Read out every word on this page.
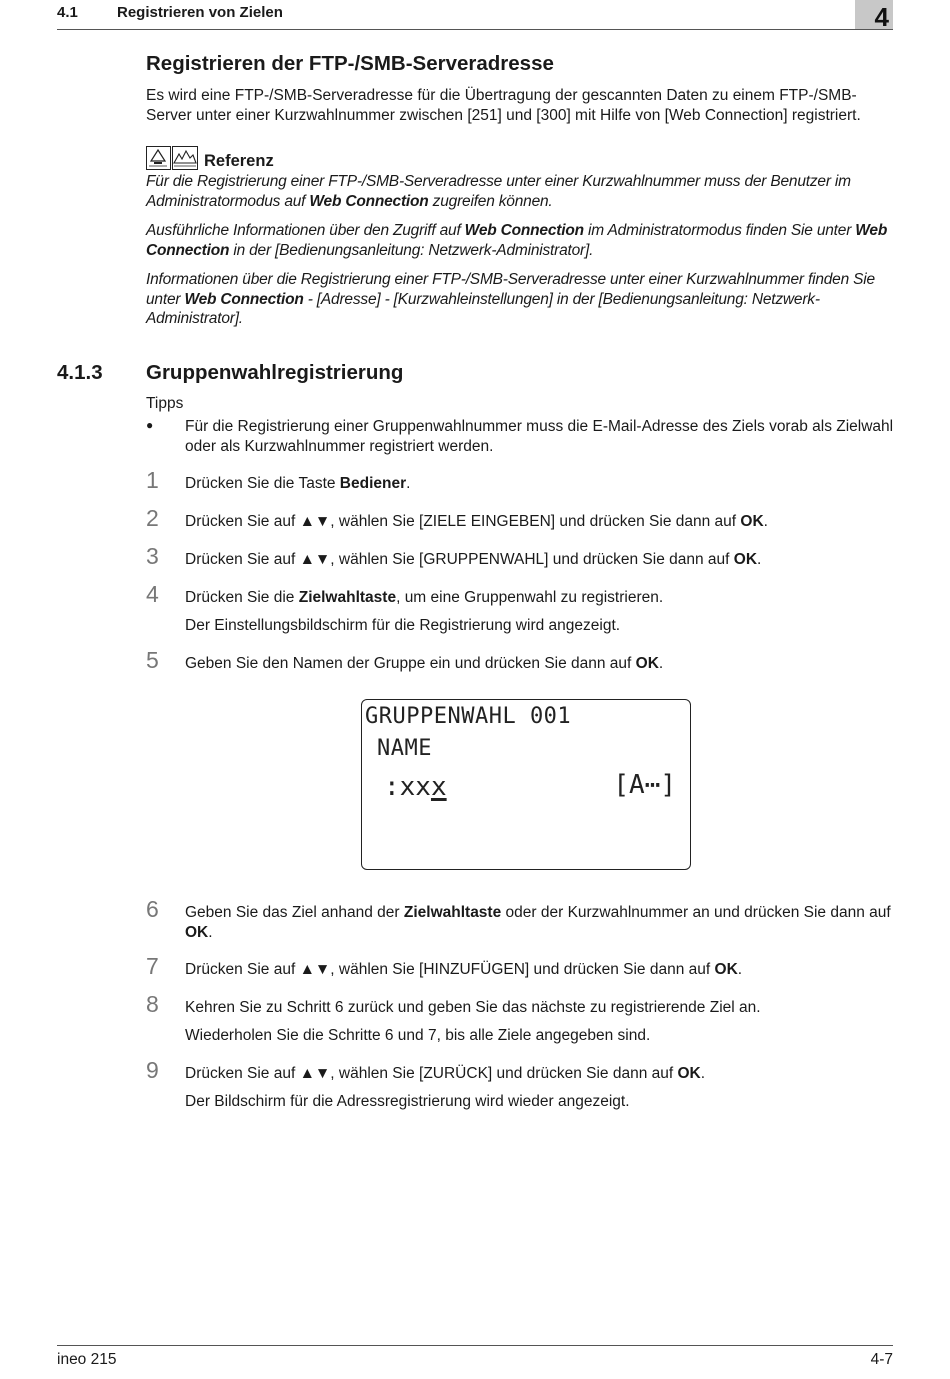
4.1	Registrieren von Zielen	4
Registrieren der FTP-/SMB-Serveradresse

Es wird eine FTP-/SMB-Serveradresse für die Übertragung der gescannten Daten zu einem FTP-/SMB-Server unter einer Kurzwahlnummer zwischen [251] und [300] mit Hilfe von [Web Connection] registriert.

Referenz

Für die Registrierung einer FTP-/SMB-Serveradresse unter einer Kurzwahlnummer muss der Benutzer im Administratormodus auf Web Connection zugreifen können.

Ausführliche Informationen über den Zugriff auf Web Connection im Administratormodus finden Sie unter Web Connection in der [Bedienungsanleitung: Netzwerk-Administrator].

Informationen über die Registrierung einer FTP-/SMB-Serveradresse unter einer Kurzwahlnummer finden Sie unter Web Connection - [Adresse] - [Kurzwahleinstellungen] in der [Bedienungsanleitung: Netzwerk-Administrator].

4.1.3 Gruppenwahlregistrierung
Tipps
● Für die Registrierung einer Gruppenwahlnummer muss die E-Mail-Adresse des Ziels vorab als Zielwahl oder als Kurzwahlnummer registriert werden.

1 Drücken Sie die Taste Bediener.

2 Drücken Sie auf ▲▼, wählen Sie [ZIELE EINGEBEN] und drücken Sie dann auf OK.

3 Drücken Sie auf ▲▼, wählen Sie [GRUPPENWAHL] und drücken Sie dann auf OK.

4 Drücken Sie die Zielwahltaste, um eine Gruppenwahl zu registrieren.

Der Einstellungsbildschirm für die Registrierung wird angezeigt.

5 Geben Sie den Namen der Gruppe ein und drücken Sie dann auf OK.

GRUPPENWAHL 001
NAME
:xxx	[A⋯]
6 Geben Sie das Ziel anhand der Zielwahltaste oder der Kurzwahlnummer an und drücken Sie dann auf OK.

7 Drücken Sie auf ▲▼, wählen Sie [HINZUFÜGEN] und drücken Sie dann auf OK.

8 Kehren Sie zu Schritt 6 zurück und geben Sie das nächste zu registrierende Ziel an.

Wiederholen Sie die Schritte 6 und 7, bis alle Ziele angegeben sind.

9 Drücken Sie auf ▲▼, wählen Sie [ZURÜCK] und drücken Sie dann auf OK.

Der Bildschirm für die Adressregistrierung wird wieder angezeigt.

ineo 215	4-7
